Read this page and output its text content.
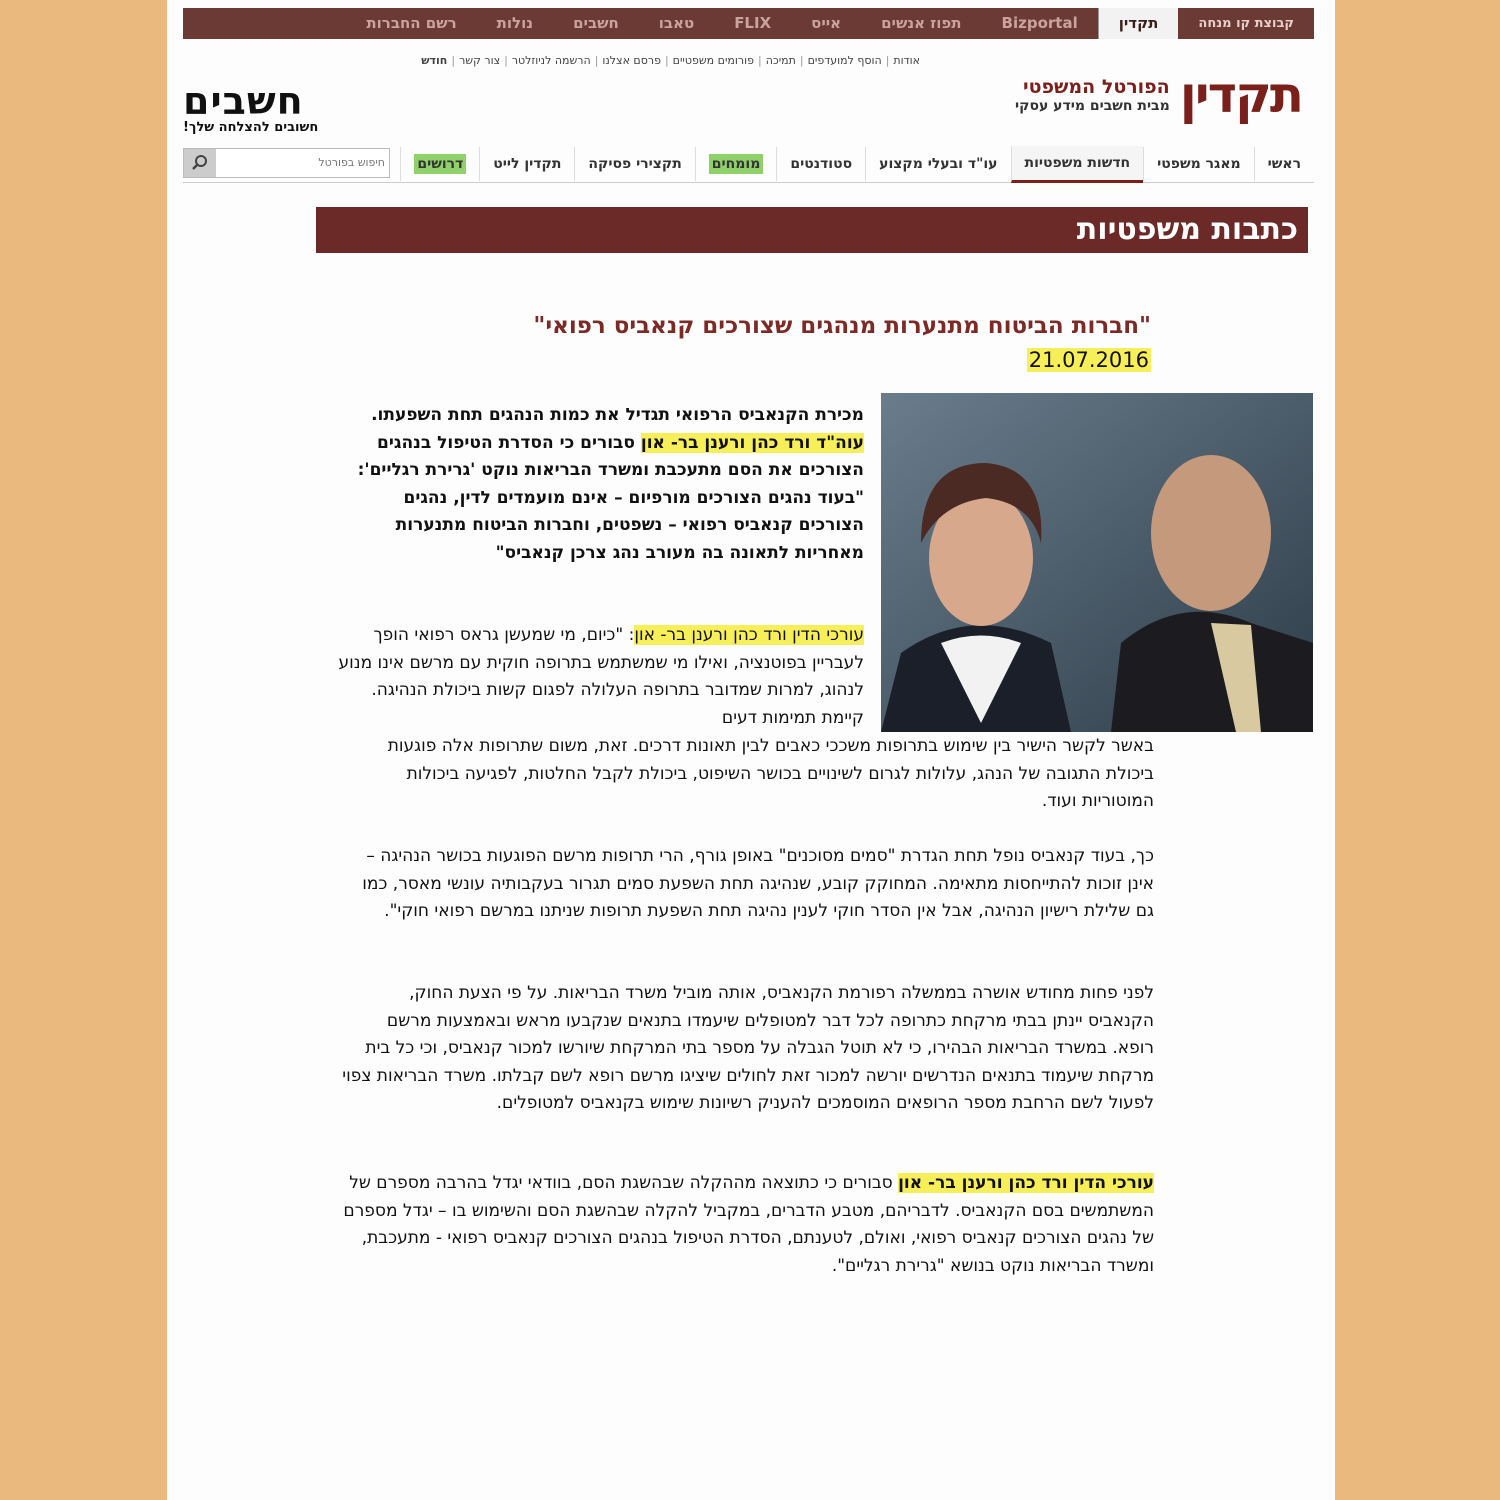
קבוצת קו מנחה
תקדין
Bizportal
תפוז אנשים
אייס
FLIX
טאבו
חשבים
נולות
רשם החברות
אודות
|
הוסף למועדפים
|
תמיכה
|
פורומים משפטיים
|
פרסם אצלנו
|
הרשמה לניוזלטר
|
צור קשר
|
חודש
תקדין
הפורטל המשפטי
מבית חשבים מידע עסקי
חשבים
חשובים להצלחה שלך!
ראשי
מאגר משפטי
חדשות משפטיות
עו"ד ובעלי מקצוע
סטודנטים
מומחים
תקצירי פסיקה
תקדין לייט
דרושים
חיפוש בפורטל
כתבות משפטיות
"חברות הביטוח מתנערות מנהגים שצורכים קנאביס רפואי"
21.07.2016
מכירת הקנאביס הרפואי תגדיל את כמות הנהגים תחת השפעתו. עוה"ד ורד כהן ורענן בר- און סבורים כי הסדרת הטיפול בנהגים הצורכים את הסם מתעכבת ומשרד הבריאות נוקט 'גרירת רגליים': "בעוד נהגים הצורכים מורפיום – אינם מועמדים לדין, נהגים הצורכים קנאביס רפואי – נשפטים, וחברות הביטוח מתנערות מאחריות לתאונה בה מעורב נהג צרכן קנאביס"
עורכי הדין ורד כהן ורענן בר- און: "כיום, מי שמעשן גראס רפואי הופך לעבריין בפוטנציה, ואילו מי שמשתמש בתרופה חוקית עם מרשם אינו מנוע לנהוג, למרות שמדובר בתרופה העלולה לפגום קשות ביכולת הנהיגה. קיימת תמימות דעים
באשר לקשר הישיר בין שימוש בתרופות משככי כאבים לבין תאונות דרכים. זאת, משום שתרופות אלה פוגעות ביכולת התגובה של הנהג, עלולות לגרום לשינויים בכושר השיפוט, ביכולת לקבל החלטות, לפגיעה ביכולות המוטוריות ועוד.
כך, בעוד קנאביס נופל תחת הגדרת "סמים מסוכנים" באופן גורף, הרי תרופות מרשם הפוגעות בכושר הנהיגה – אינן זוכות להתייחסות מתאימה. המחוקק קובע, שנהיגה תחת השפעת סמים תגרור בעקבותיה עונשי מאסר, כמו גם שלילת רישיון הנהיגה, אבל אין הסדר חוקי לענין נהיגה תחת השפעת תרופות שניתנו במרשם רפואי חוקי".
לפני פחות מחודש אושרה בממשלה רפורמת הקנאביס, אותה מוביל משרד הבריאות. על פי הצעת החוק, הקנאביס יינתן בבתי מרקחת כתרופה לכל דבר למטופלים שיעמדו בתנאים שנקבעו מראש ובאמצעות מרשם רופא. במשרד הבריאות הבהירו, כי לא תוטל הגבלה על מספר בתי המרקחת שיורשו למכור קנאביס, וכי כל בית מרקחת שיעמוד בתנאים הנדרשים יורשה למכור זאת לחולים שיציגו מרשם רופא לשם קבלתו. משרד הבריאות צפוי לפעול לשם הרחבת מספר הרופאים המוסמכים להעניק רשיונות שימוש בקנאביס למטופלים.
עורכי הדין ורד כהן ורענן בר- און סבורים כי כתוצאה מההקלה שבהשגת הסם, בוודאי יגדל בהרבה מספרם של המשתמשים בסם הקנאביס. לדבריהם, מטבע הדברים, במקביל להקלה שבהשגת הסם והשימוש בו – יגדל מספרם של נהגים הצורכים קנאביס רפואי, ואולם, לטענתם, הסדרת הטיפול בנהגים הצורכים קנאביס רפואי - מתעכבת, ומשרד הבריאות נוקט בנושא "גרירת רגליים".
